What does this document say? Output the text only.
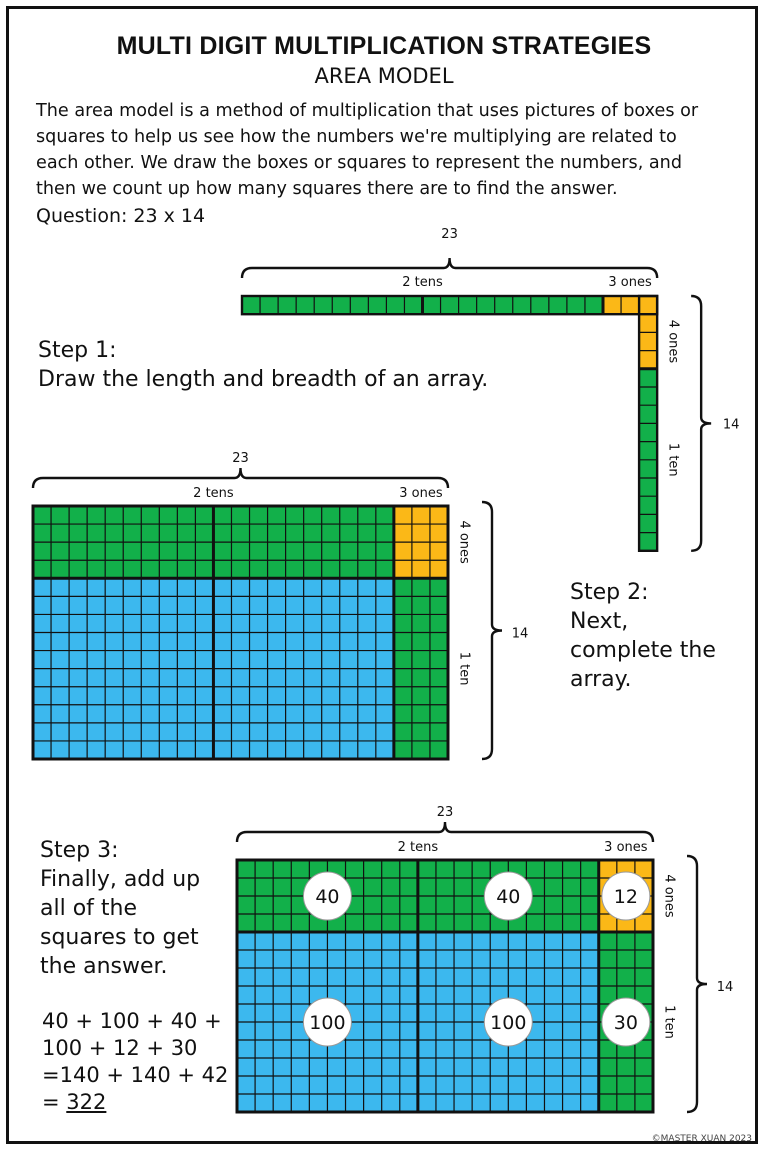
MULTI DIGIT MULTIPLICATION STRATEGIES
AREA MODEL
The area model is a method of multiplication that uses pictures of boxes or
squares to help us see how the numbers we're multiplying are related to
each other. We draw the boxes or squares to represent the numbers, and
then we count up how many squares there are to find the answer.
Question: 23 x 14
Step 1:
Draw the length and breadth of an array.
Step 2:
Next,
complete the
array.
Step 3:
Finally, add up
all of the
squares to get
the answer.
40 + 100 + 40 +
100 + 12 + 30
=140 + 140 + 42
= 322
23
2 tens	3 ones
14
4 ones
1 ten
23
2 tens	3 ones
14
4 ones
1 ten
23
2 tens	3 ones
14
4 ones
1 ten
40	40	12
100	100	30
©MASTER XUAN 2023
